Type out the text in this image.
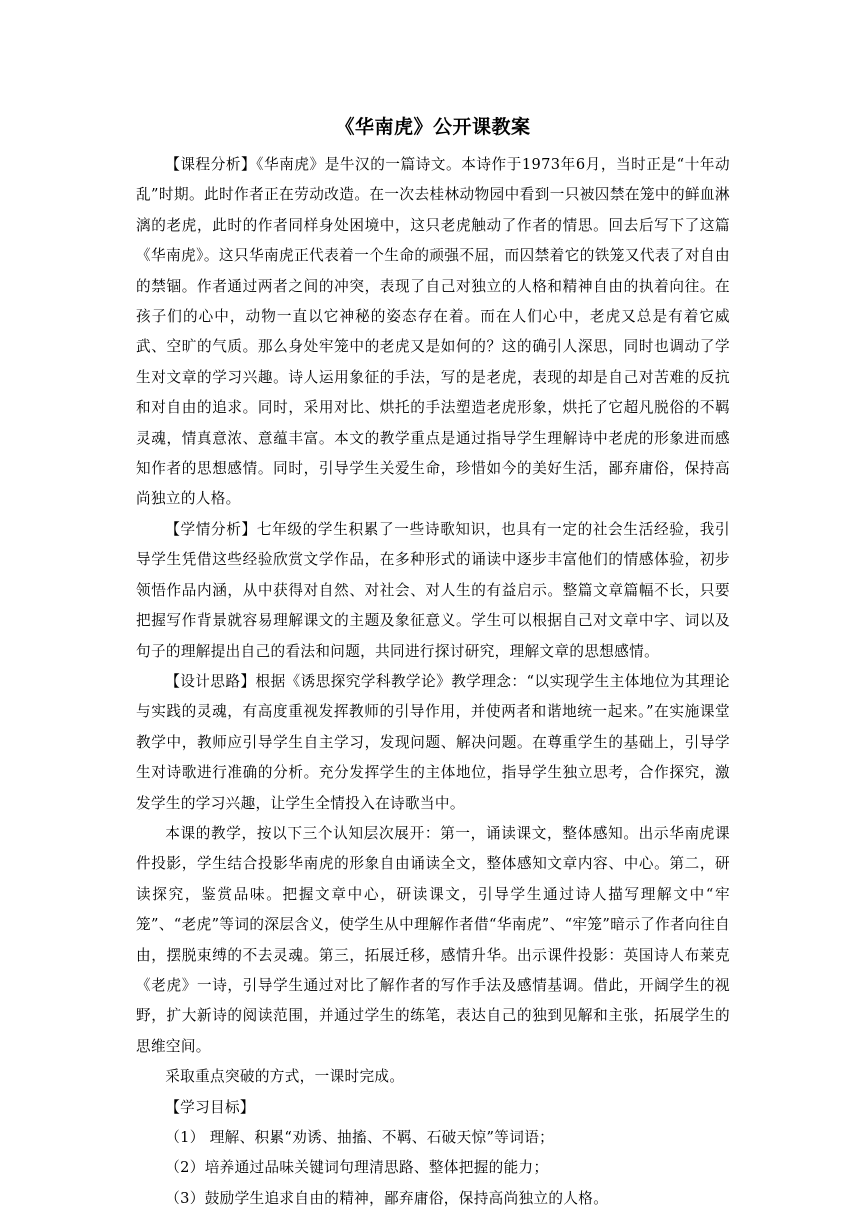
《华南虎》公开课教案

【课程分析】《华南虎》是牛汉的一篇诗文。本诗作于1973年6月，当时正是“十年动乱”时期。此时作者正在劳动改造。在一次去桂林动物园中看到一只被囚禁在笼中的鲜血淋漓的老虎，此时的作者同样身处困境中，这只老虎触动了作者的情思。回去后写下了这篇《华南虎》。这只华南虎正代表着一个生命的顽强不屈，而囚禁着它的铁笼又代表了对自由的禁锢。作者通过两者之间的冲突，表现了自己对独立的人格和精神自由的执着向往。在孩子们的心中，动物一直以它神秘的姿态存在着。而在人们心中，老虎又总是有着它威武、空旷的气质。那么身处牢笼中的老虎又是如何的？这的确引人深思，同时也调动了学生对文章的学习兴趣。诗人运用象征的手法，写的是老虎，表现的却是自己对苦难的反抗和对自由的追求。同时，采用对比、烘托的手法塑造老虎形象，烘托了它超凡脱俗的不羁灵魂，情真意浓、意蕴丰富。本文的教学重点是通过指导学生理解诗中老虎的形象进而感知作者的思想感情。同时，引导学生关爱生命，珍惜如今的美好生活，鄙弃庸俗，保持高尚独立的人格。

【学情分析】七年级的学生积累了一些诗歌知识，也具有一定的社会生活经验，我引导学生凭借这些经验欣赏文学作品，在多种形式的诵读中逐步丰富他们的情感体验，初步领悟作品内涵，从中获得对自然、对社会、对人生的有益启示。整篇文章篇幅不长，只要把握写作背景就容易理解课文的主题及象征意义。学生可以根据自己对文章中字、词以及句子的理解提出自己的看法和问题，共同进行探讨研究，理解文章的思想感情。

【设计思路】根据《诱思探究学科教学论》教学理念：“以实现学生主体地位为其理论与实践的灵魂，有高度重视发挥教师的引导作用，并使两者和谐地统一起来。”在实施课堂教学中，教师应引导学生自主学习，发现问题、解决问题。在尊重学生的基础上，引导学生对诗歌进行准确的分析。充分发挥学生的主体地位，指导学生独立思考，合作探究，激发学生的学习兴趣，让学生全情投入在诗歌当中。

本课的教学，按以下三个认知层次展开：第一，诵读课文，整体感知。出示华南虎课件投影，学生结合投影华南虎的形象自由诵读全文，整体感知文章内容、中心。第二，研读探究，鉴赏品味。把握文章中心，研读课文，引导学生通过诗人描写理解文中“牢笼”、“老虎”等词的深层含义，使学生从中理解作者借“华南虎”、“牢笼”暗示了作者向往自由，摆脱束缚的不去灵魂。第三，拓展迁移，感情升华。出示课件投影：英国诗人布莱克《老虎》一诗，引导学生通过对比了解作者的写作手法及感情基调。借此，开阔学生的视野，扩大新诗的阅读范围，并通过学生的练笔，表达自己的独到见解和主张，拓展学生的思维空间。

采取重点突破的方式，一课时完成。

【学习目标】

（1） 理解、积累“劝诱、抽搐、不羁、石破天惊”等词语；

（2）培养通过品味关键词句理清思路、整体把握的能力；

（3）鼓励学生追求自由的精神，鄙弃庸俗，保持高尚独立的人格。
